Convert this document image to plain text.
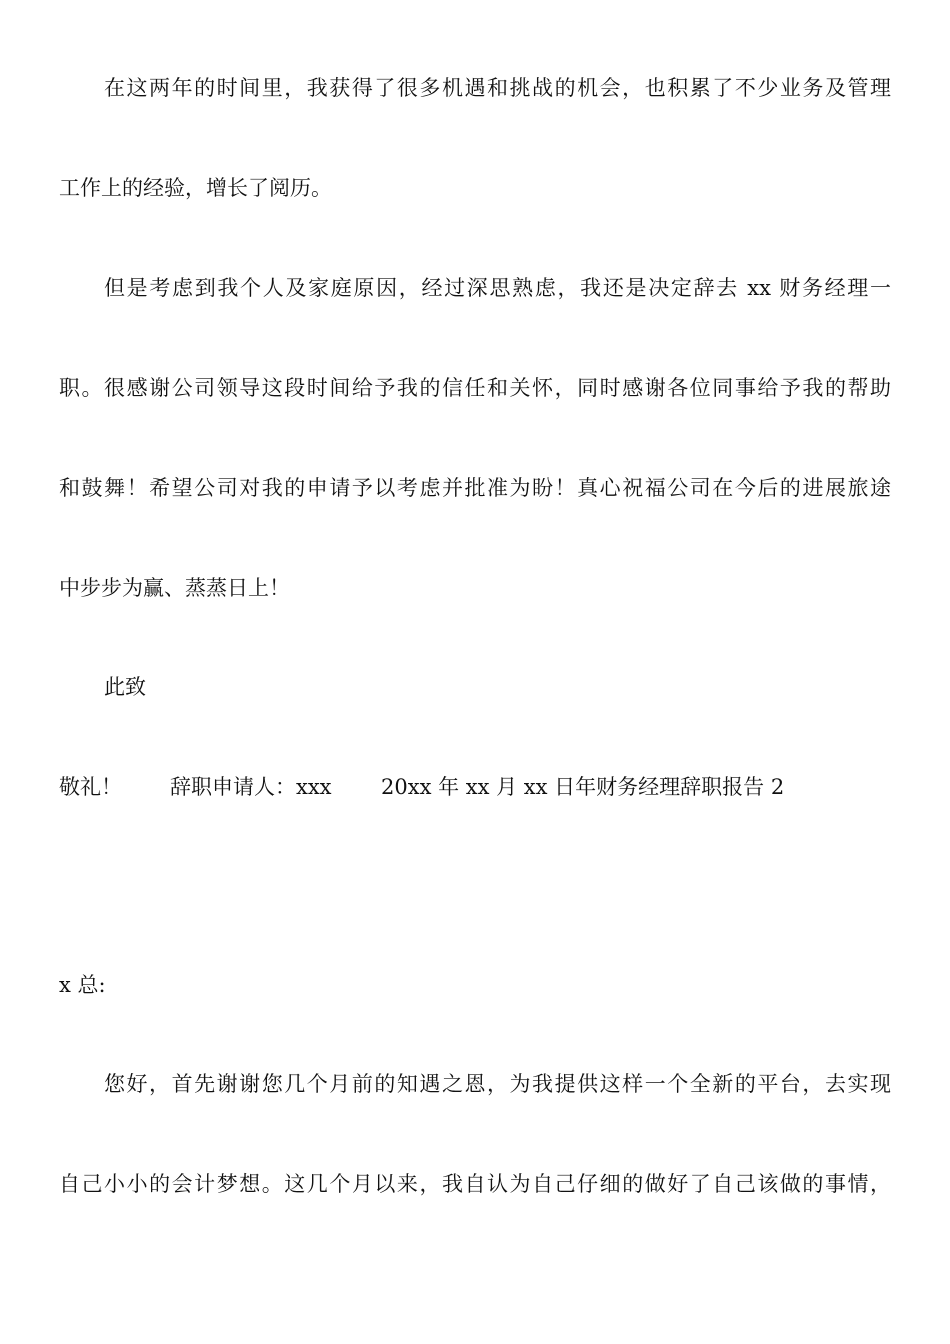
在这两年的时间里，我获得了很多机遇和挑战的机会，也积累了不少业务及管理
工作上的经验，增长了阅历。
但是考虑到我个人及家庭原因，经过深思熟虑，我还是决定辞去 xx 财务经理一
职。很感谢公司领导这段时间给予我的信任和关怀，同时感谢各位同事给予我的帮助
和鼓舞！希望公司对我的申请予以考虑并批准为盼！真心祝福公司在今后的进展旅途
中步步为赢、蒸蒸日上！
此致
敬礼！ 辞职申请人：xxx 20xx 年 xx 月 xx 日年财务经理辞职报告 2
x 总:
您好，首先谢谢您几个月前的知遇之恩，为我提供这样一个全新的平台，去实现
自己小小的会计梦想。这几个月以来，我自认为自己仔细的做好了自己该做的事情，
